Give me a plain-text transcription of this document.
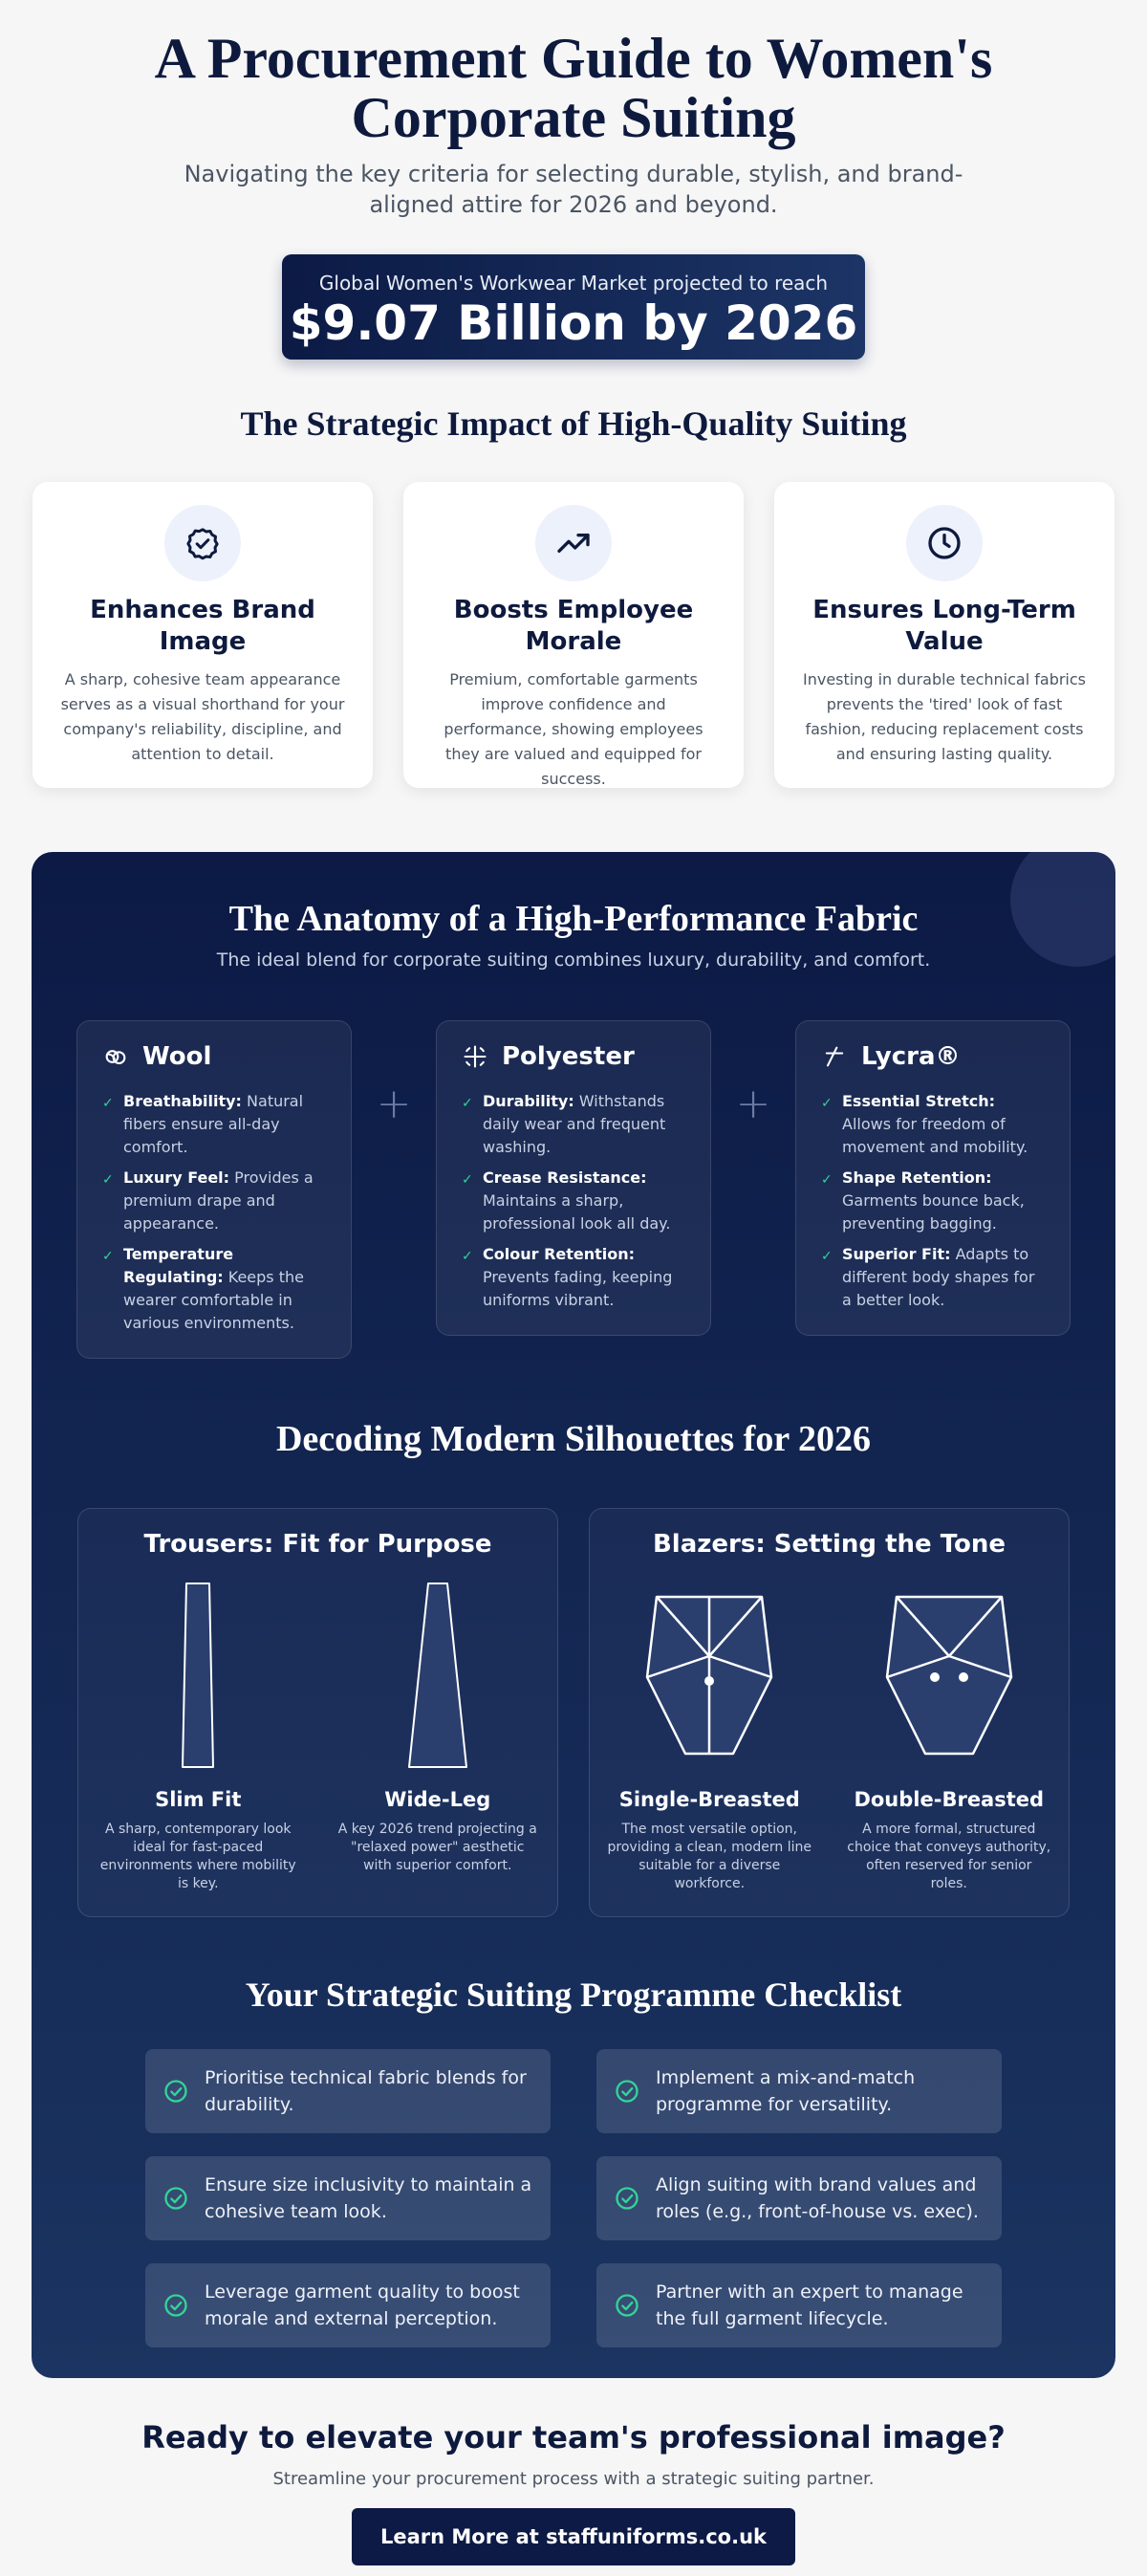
A Procurement Guide to Women's Corporate Suiting

Navigating the key criteria for selecting durable, stylish, and brand-aligned attire for 2026 and beyond.

Global Women's Workwear Market projected to reach
$9.07 Billion by 2026
The Strategic Impact of High-Quality Suiting
Enhances Brand Image

A sharp, cohesive team appearance serves as a visual shorthand for your company's reliability, discipline, and attention to detail.

Boosts Employee Morale

Premium, comfortable garments improve confidence and performance, showing employees they are valued and equipped for success.

Ensures Long-Term Value

Investing in durable technical fabrics prevents the 'tired' look of fast fashion, reducing replacement costs and ensuring lasting quality.

The Anatomy of a High-Performance Fabric

The ideal blend for corporate suiting combines luxury, durability, and comfort.

Wool
✓ Breathability: Natural fibers ensure all-day comfort.
✓ Luxury Feel: Provides a premium drape and appearance.
✓ Temperature Regulating: Keeps the wearer comfortable in various environments.
+
Polyester
✓ Durability: Withstands daily wear and frequent washing.
✓ Crease Resistance: Maintains a sharp, professional look all day.
✓ Colour Retention: Prevents fading, keeping uniforms vibrant.
+
Lycra®
✓ Essential Stretch: Allows for freedom of movement and mobility.
✓ Shape Retention: Garments bounce back, preventing bagging.
✓ Superior Fit: Adapts to different body shapes for a better look.
Decoding Modern Silhouettes for 2026
Trousers: Fit for Purpose
Slim Fit

A sharp, contemporary look ideal for fast-paced environments where mobility is key.

Wide-Leg

A key 2026 trend projecting a "relaxed power" aesthetic with superior comfort.

Blazers: Setting the Tone
Single-Breasted

The most versatile option, providing a clean, modern line suitable for a diverse workforce.

Double-Breasted

A more formal, structured choice that conveys authority, often reserved for senior roles.

Your Strategic Suiting Programme Checklist
Prioritise technical fabric blends for durability.
Implement a mix-and-match programme for versatility.
Ensure size inclusivity to maintain a cohesive team look.
Align suiting with brand values and roles (e.g., front-of-house vs. exec).
Leverage garment quality to boost morale and external perception.
Partner with an expert to manage the full garment lifecycle.
Ready to elevate your team's professional image?
Streamline your procurement process with a strategic suiting partner.
Learn More at staffuniforms.co.uk
